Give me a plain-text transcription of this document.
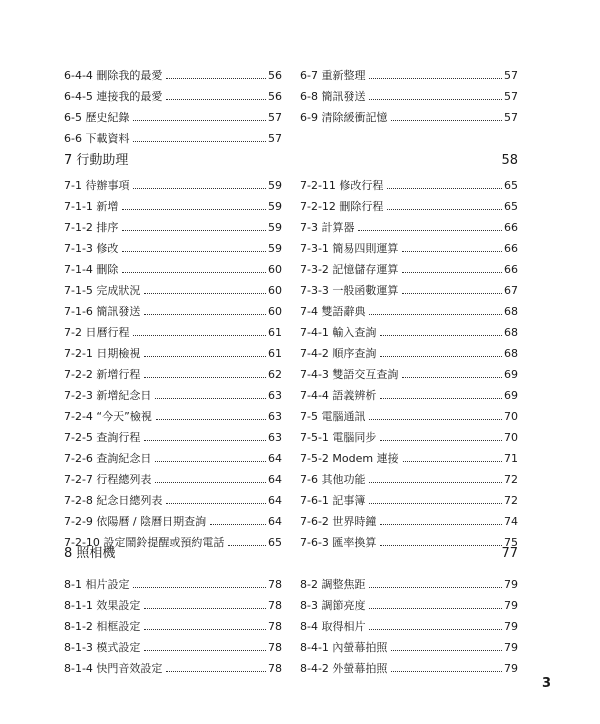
6-4-4 刪除我的最愛	56
6-4-5 連接我的最愛	56
6-5 歷史紀錄	57
6-6 下載資料	57
6-7 重新整理	57
6-8 簡訊發送	57
6-9 清除緩衝記憶	57
7 行動助理	58
7-1 待辦事項	59
7-1-1 新增	59
7-1-2 排序	59
7-1-3 修改	59
7-1-4 刪除	60
7-1-5 完成狀況	60
7-1-6 簡訊發送	60
7-2 日曆行程	61
7-2-1 日期檢視	61
7-2-2 新增行程	62
7-2-3 新增紀念日	63
7-2-4 “今天”檢視	63
7-2-5 查詢行程	63
7-2-6 查詢紀念日	64
7-2-7 行程總列表	64
7-2-8 紀念日總列表	64
7-2-9 依陽曆 / 陰曆日期查詢	64
7-2-10 設定鬧鈴提醒或預約電話	65
7-2-11 修改行程	65
7-2-12 刪除行程	65
7-3 計算器	66
7-3-1 簡易四則運算	66
7-3-2 記憶儲存運算	66
7-3-3 一般函數運算	67
7-4 雙語辭典	68
7-4-1 輸入查詢	68
7-4-2 順序查詢	68
7-4-3 雙語交互查詢	69
7-4-4 語義辨析	69
7-5 電腦通訊	70
7-5-1 電腦同步	70
7-5-2 Modem 連接	71
7-6 其他功能	72
7-6-1 記事簿	72
7-6-2 世界時鐘	74
7-6-3 匯率換算	75
8 照相機	77
8-1 相片設定	78
8-1-1 效果設定	78
8-1-2 相框設定	78
8-1-3 模式設定	78
8-1-4 快門音效設定	78
8-2 調整焦距	79
8-3 調節亮度	79
8-4 取得相片	79
8-4-1 內螢幕拍照	79
8-4-2 外螢幕拍照	79
3
